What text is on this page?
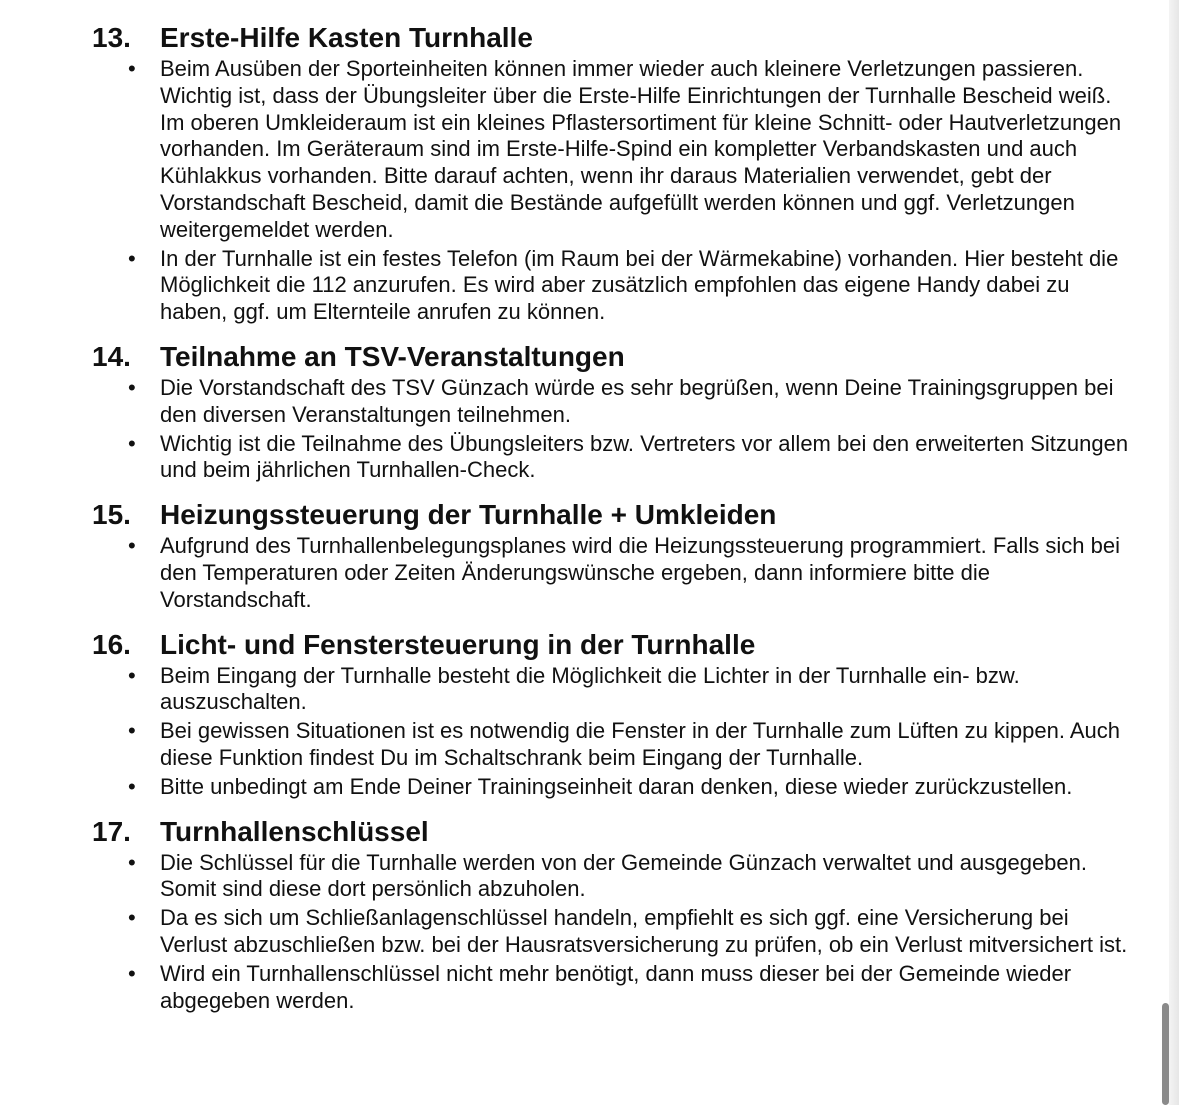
13.	Erste-Hilfe Kasten Turnhalle
• Beim Ausüben der Sporteinheiten können immer wieder auch kleinere Verletzungen passieren. Wichtig ist, dass der Übungsleiter über die Erste-Hilfe Einrichtungen der Turnhalle Bescheid weiß. Im oberen Umkleideraum ist ein kleines Pflastersortiment für kleine Schnitt- oder Hautverletzungen vorhanden. Im Geräteraum sind im Erste-Hilfe-Spind ein kompletter Verbandskasten und auch Kühlakkus vorhanden. Bitte darauf achten, wenn ihr daraus Materialien verwendet, gebt der Vorstandschaft Bescheid, damit die Bestände aufgefüllt werden können und ggf. Verletzungen weitergemeldet werden.
• In der Turnhalle ist ein festes Telefon (im Raum bei der Wärmekabine) vorhanden. Hier besteht die Möglichkeit die 112 anzurufen. Es wird aber zusätzlich empfohlen das eigene Handy dabei zu haben, ggf. um Elternteile anrufen zu können.
14.	Teilnahme an TSV-Veranstaltungen
• Die Vorstandschaft des TSV Günzach würde es sehr begrüßen, wenn Deine Trainingsgruppen bei den diversen Veranstaltungen teilnehmen.
• Wichtig ist die Teilnahme des Übungsleiters bzw. Vertreters vor allem bei den erweiterten Sitzungen und beim jährlichen Turnhallen-Check.
15.	Heizungssteuerung der Turnhalle + Umkleiden
• Aufgrund des Turnhallenbelegungsplanes wird die Heizungssteuerung programmiert. Falls sich bei den Temperaturen oder Zeiten Änderungswünsche ergeben, dann informiere bitte die Vorstandschaft.
16.	Licht- und Fenstersteuerung in der Turnhalle
• Beim Eingang der Turnhalle besteht die Möglichkeit die Lichter in der Turnhalle ein- bzw. auszuschalten.
• Bei gewissen Situationen ist es notwendig die Fenster in der Turnhalle zum Lüften zu kippen. Auch diese Funktion findest Du im Schaltschrank beim Eingang der Turnhalle.
• Bitte unbedingt am Ende Deiner Trainingseinheit daran denken, diese wieder zurückzustellen.
17.	Turnhallenschlüssel
• Die Schlüssel für die Turnhalle werden von der Gemeinde Günzach verwaltet und ausgegeben. Somit sind diese dort persönlich abzuholen.
• Da es sich um Schließanlagenschlüssel handeln, empfiehlt es sich ggf. eine Versicherung bei Verlust abzuschließen bzw. bei der Hausratsversicherung zu prüfen, ob ein Verlust mitversichert ist.
• Wird ein Turnhallenschlüssel nicht mehr benötigt, dann muss dieser bei der Gemeinde wieder abgegeben werden.
